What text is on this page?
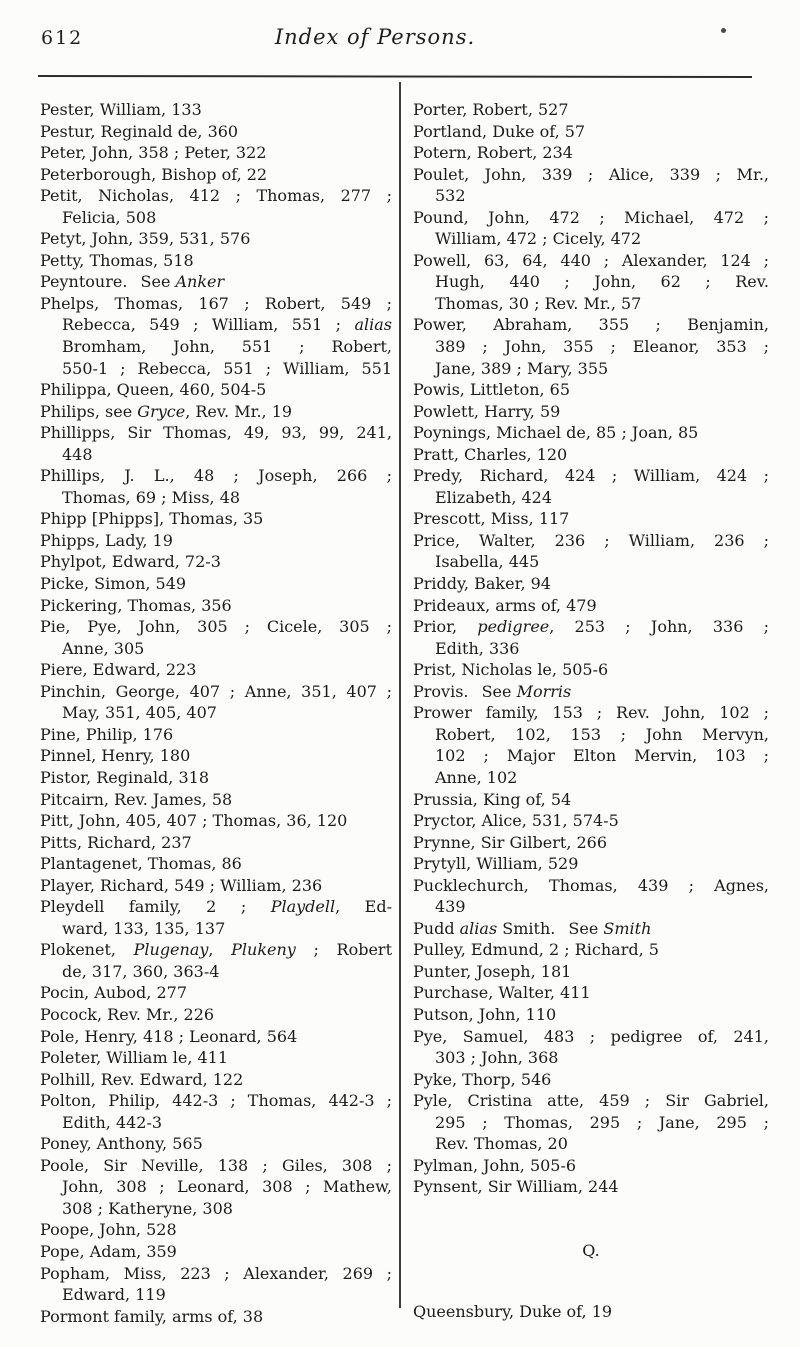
612	Index of Persons.
Pester, William, 133
Pestur, Reginald de, 360
Peter, John, 358 ; Peter, 322
Peterborough, Bishop of, 22
Petit, Nicholas, 412 ; Thomas, 277 ;
Felicia, 508
Petyt, John, 359, 531, 576
Petty, Thomas, 518
Peyntoure.  See Anker
Phelps, Thomas, 167 ; Robert, 549 ;
Rebecca, 549 ; William, 551 ; alias
Bromham, John, 551 ; Robert,
550-1 ; Rebecca, 551 ; William, 551
Philippa, Queen, 460, 504-5
Philips, see Gryce, Rev. Mr., 19
Phillipps, Sir Thomas, 49, 93, 99, 241,
448
Phillips, J. L., 48 ; Joseph, 266 ;
Thomas, 69 ; Miss, 48
Phipp [Phipps], Thomas, 35
Phipps, Lady, 19
Phylpot, Edward, 72-3
Picke, Simon, 549
Pickering, Thomas, 356
Pie, Pye, John, 305 ; Cicele, 305 ;
Anne, 305
Piere, Edward, 223
Pinchin, George, 407 ; Anne, 351, 407 ;
May, 351, 405, 407
Pine, Philip, 176
Pinnel, Henry, 180
Pistor, Reginald, 318
Pitcairn, Rev. James, 58
Pitt, John, 405, 407 ; Thomas, 36, 120
Pitts, Richard, 237
Plantagenet, Thomas, 86
Player, Richard, 549 ; William, 236
Pleydell family, 2 ; Playdell, Ed-
ward, 133, 135, 137
Plokenet, Plugenay, Plukeny ; Robert
de, 317, 360, 363-4
Pocin, Aubod, 277
Pocock, Rev. Mr., 226
Pole, Henry, 418 ; Leonard, 564
Poleter, William le, 411
Polhill, Rev. Edward, 122
Polton, Philip, 442-3 ; Thomas, 442-3 ;
Edith, 442-3
Poney, Anthony, 565
Poole, Sir Neville, 138 ; Giles, 308 ;
John, 308 ; Leonard, 308 ; Mathew,
308 ; Katheryne, 308
Poope, John, 528
Pope, Adam, 359
Popham, Miss, 223 ; Alexander, 269 ;
Edward, 119
Pormont family, arms of, 38
Porter, Robert, 527
Portland, Duke of, 57
Potern, Robert, 234
Poulet, John, 339 ; Alice, 339 ; Mr.,
532
Pound, John, 472 ; Michael, 472 ;
William, 472 ; Cicely, 472
Powell, 63, 64, 440 ; Alexander, 124 ;
Hugh, 440 ; John, 62 ; Rev.
Thomas, 30 ; Rev. Mr., 57
Power, Abraham, 355 ; Benjamin,
389 ; John, 355 ; Eleanor, 353 ;
Jane, 389 ; Mary, 355
Powis, Littleton, 65
Powlett, Harry, 59
Poynings, Michael de, 85 ; Joan, 85
Pratt, Charles, 120
Predy, Richard, 424 ; William, 424 ;
Elizabeth, 424
Prescott, Miss, 117
Price, Walter, 236 ; William, 236 ;
Isabella, 445
Priddy, Baker, 94
Prideaux, arms of, 479
Prior, pedigree, 253 ; John, 336 ;
Edith, 336
Prist, Nicholas le, 505-6
Provis.  See Morris
Prower family, 153 ; Rev. John, 102 ;
Robert, 102, 153 ; John Mervyn,
102 ; Major Elton Mervin, 103 ;
Anne, 102
Prussia, King of, 54
Pryctor, Alice, 531, 574-5
Prynne, Sir Gilbert, 266
Prytyll, William, 529
Pucklechurch, Thomas, 439 ; Agnes,
439
Pudd alias Smith.  See Smith
Pulley, Edmund, 2 ; Richard, 5
Punter, Joseph, 181
Purchase, Walter, 411
Putson, John, 110
Pye, Samuel, 483 ; pedigree of, 241,
303 ; John, 368
Pyke, Thorp, 546
Pyle, Cristina atte, 459 ; Sir Gabriel,
295 ; Thomas, 295 ; Jane, 295 ;
Rev. Thomas, 20
Pylman, John, 505-6
Pynsent, Sir William, 244
Q.
Queensbury, Duke of, 19
